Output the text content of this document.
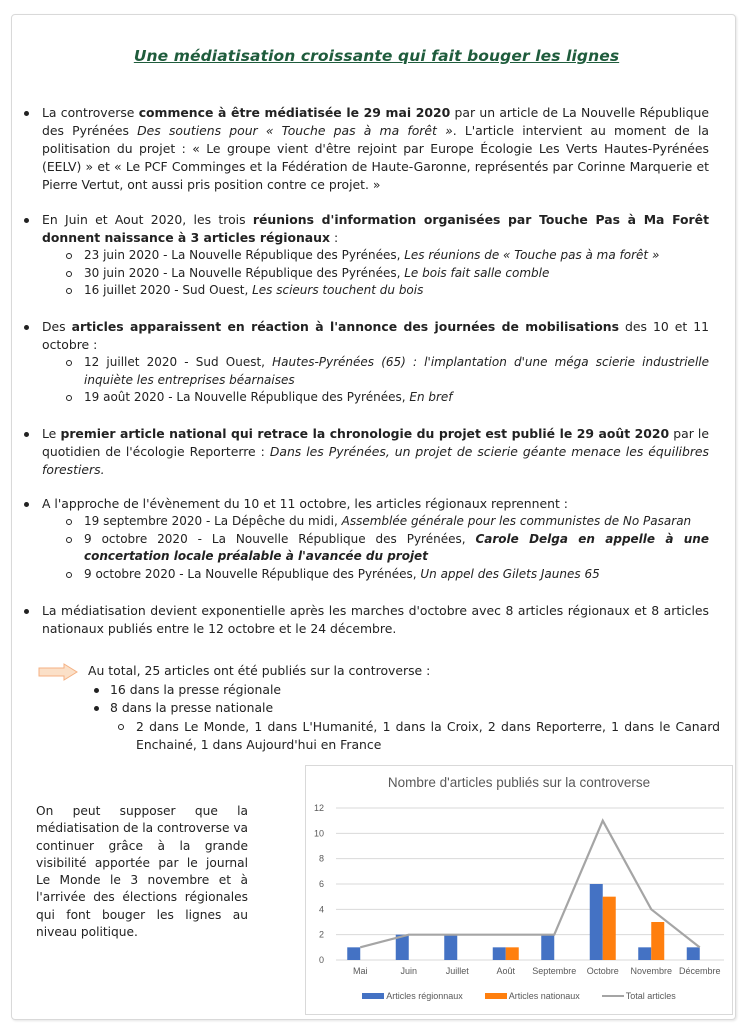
Une médiatisation croissante qui fait bouger les lignes
La controverse commence à être médiatisée le 29 mai 2020 par un article de La Nouvelle République des Pyrénées Des soutiens pour « Touche pas à ma forêt ». L'article intervient au moment de la politisation du projet : « Le groupe vient d'être rejoint par Europe Écologie Les Verts Hautes-Pyrénées (EELV) » et « Le PCF Comminges et la Fédération de Haute-Garonne, représentés par Corinne Marquerie et Pierre Vertut, ont aussi pris position contre ce projet. »
En Juin et Aout 2020, les trois réunions d'information organisées par Touche Pas à Ma Forêt donnent naissance à 3 articles régionaux :
23 juin 2020 - La Nouvelle République des Pyrénées, Les réunions de « Touche pas à ma forêt »
30 juin 2020 - La Nouvelle République des Pyrénées, Le bois fait salle comble
16 juillet 2020 - Sud Ouest, Les scieurs touchent du bois
Des articles apparaissent en réaction à l'annonce des journées de mobilisations des 10 et 11 octobre :
12 juillet 2020 - Sud Ouest, Hautes-Pyrénées (65) : l'implantation d'une méga scierie industrielle inquiète les entreprises béarnaises
19 août 2020 - La Nouvelle République des Pyrénées, En bref
Le premier article national qui retrace la chronologie du projet est publié le 29 août 2020 par le quotidien de l'écologie Reporterre : Dans les Pyrénées, un projet de scierie géante menace les équilibres forestiers.
A l'approche de l'évènement du 10 et 11 octobre, les articles régionaux reprennent :
19 septembre 2020 - La Dépêche du midi, Assemblée générale pour les communistes de No Pasaran
9 octobre 2020 - La Nouvelle République des Pyrénées, Carole Delga en appelle à une concertation locale préalable à l'avancée du projet
9 octobre 2020 - La Nouvelle République des Pyrénées, Un appel des Gilets Jaunes 65
La médiatisation devient exponentielle après les marches d'octobre avec 8 articles régionaux et 8 articles nationaux publiés entre le 12 octobre et le 24 décembre.
Au total, 25 articles ont été publiés sur la controverse :
16 dans la presse régionale
8 dans la presse nationale
2 dans Le Monde, 1 dans L'Humanité, 1 dans la Croix, 2 dans Reporterre, 1 dans le Canard Enchainé, 1 dans Aujourd'hui en France
On peut supposer que la médiatisation de la controverse va continuer grâce à la grande visibilité apportée par le journal Le Monde le 3 novembre et à l'arrivée des élections régionales qui font bouger les lignes au niveau politique.
Nombre d'articles publiés sur la controverse
0
2
4
6
8
10
12
Mai	Juin	Juillet	Août Septembre Octobre Novembre Décembre
Articles régionnaux	Articles nationaux	Total articles
